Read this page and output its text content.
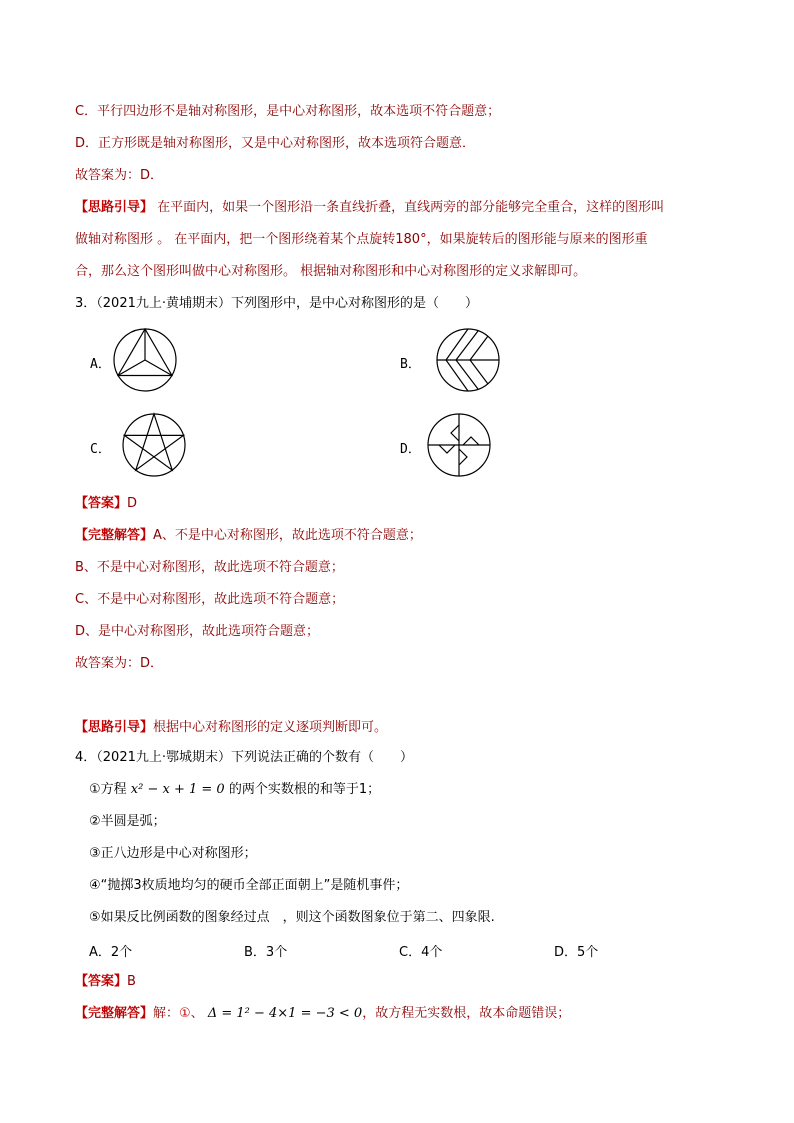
C．平行四边形不是轴对称图形，是中心对称图形，故本选项不符合题意；
D．正方形既是轴对称图形，又是中心对称图形，故本选项符合题意．
故答案为：D．
【思路引导】 在平面内，如果一个图形沿一条直线折叠，直线两旁的部分能够完全重合，这样的图形叫
做轴对称图形 。 在平面内，把一个图形绕着某个点旋转180°，如果旋转后的图形能与原来的图形重
合，那么这个图形叫做中心对称图形。 根据轴对称图形和中心对称图形的定义求解即可。
3．（2021九上·黄埔期末）下列图形中，是中心对称图形的是（　　）
A．	B．
C．	D．
【答案】D
【完整解答】A、不是中心对称图形，故此选项不符合题意；
B、不是中心对称图形，故此选项不符合题意；
C、不是中心对称图形，故此选项不符合题意；
D、是中心对称图形，故此选项符合题意；
故答案为：D．
【思路引导】根据中心对称图形的定义逐项判断即可。
4．（2021九上·鄂城期末）下列说法正确的个数有（　　）
①方程 x² − x + 1 = 0 的两个实数根的和等于1；
②半圆是弧；
③正八边形是中心对称图形；
④“抛掷3枚质地均匀的硬币全部正面朝上”是随机事件；
⑤如果反比例函数的图象经过点　，则这个函数图象位于第二、四象限.
A．2个	B．3个	C．4个	D．5个
【答案】B
【完整解答】解：①、 Δ = 1² − 4×1 = −3 < 0，故方程无实数根，故本命题错误；
